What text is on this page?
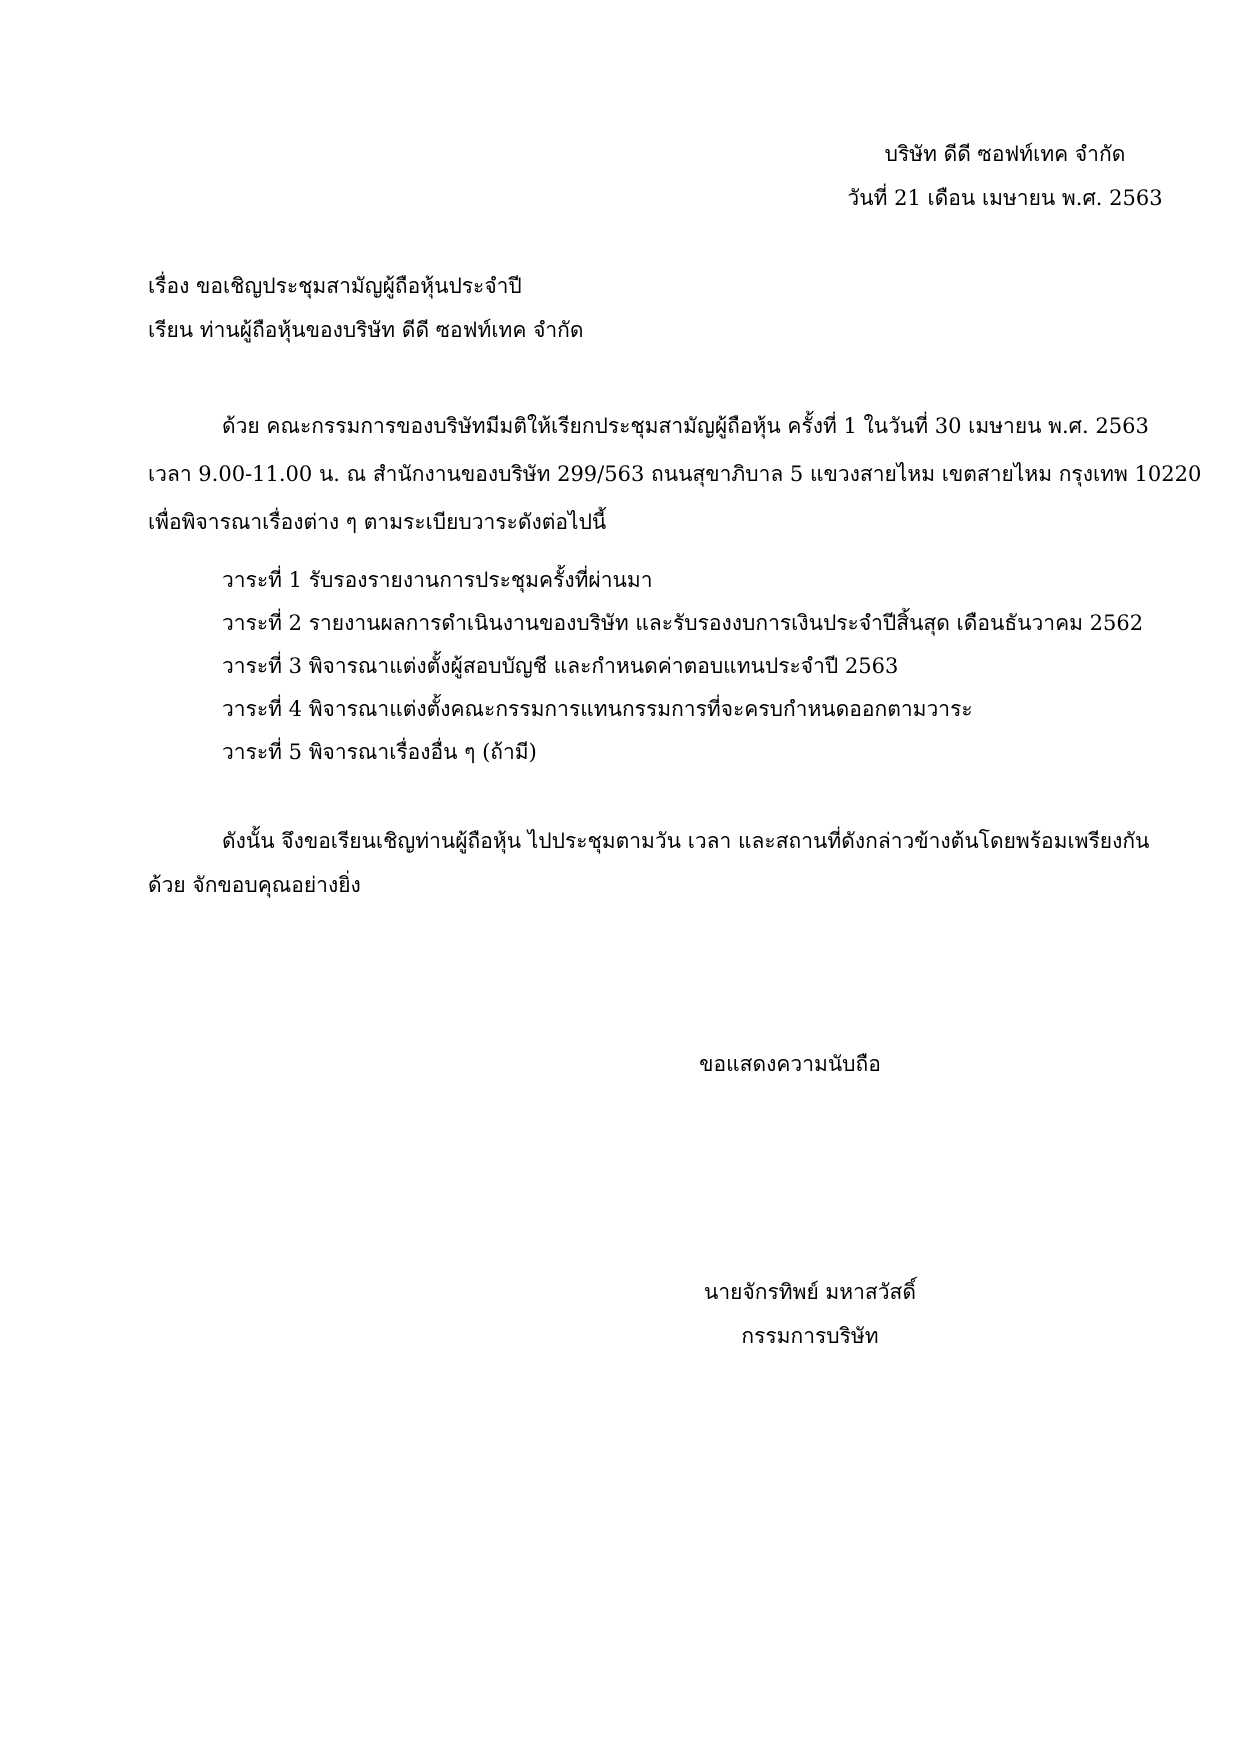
บริษัท ดีดี ซอฟท์เทค จำกัด
วันที่ 21 เดือน เมษายน พ.ศ. 2563
เรื่อง ขอเชิญประชุมสามัญผู้ถือหุ้นประจำปี
เรียน ท่านผู้ถือหุ้นของบริษัท ดีดี ซอฟท์เทค จำกัด
ด้วย คณะกรรมการของบริษัทมีมติให้เรียกประชุมสามัญผู้ถือหุ้น ครั้งที่ 1 ในวันที่ 30 เมษายน พ.ศ. 2563
เวลา 9.00-11.00 น. ณ สำนักงานของบริษัท 299/563 ถนนสุขาภิบาล 5 แขวงสายไหม เขตสายไหม กรุงเทพ 10220
เพื่อพิจารณาเรื่องต่าง ๆ ตามระเบียบวาระดังต่อไปนี้
วาระที่ 1 รับรองรายงานการประชุมครั้งที่ผ่านมา
วาระที่ 2 รายงานผลการดำเนินงานของบริษัท และรับรองงบการเงินประจำปีสิ้นสุด เดือนธันวาคม 2562
วาระที่ 3 พิจารณาแต่งตั้งผู้สอบบัญชี และกำหนดค่าตอบแทนประจำปี 2563
วาระที่ 4 พิจารณาแต่งตั้งคณะกรรมการแทนกรรมการที่จะครบกำหนดออกตามวาระ
วาระที่ 5 พิจารณาเรื่องอื่น ๆ (ถ้ามี)
ดังนั้น จึงขอเรียนเชิญท่านผู้ถือหุ้น ไปประชุมตามวัน เวลา และสถานที่ดังกล่าวข้างต้นโดยพร้อมเพรียงกัน
ด้วย จักขอบคุณอย่างยิ่ง
ขอแสดงความนับถือ
นายจักรทิพย์ มหาสวัสดิ์
กรรมการบริษัท
